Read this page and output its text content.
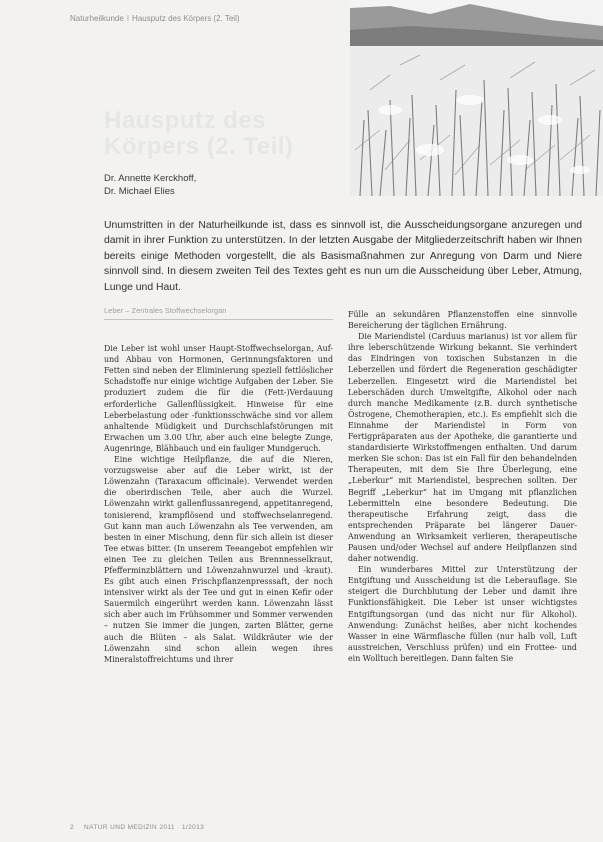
Naturheilkunde I Hausputz des Körpers (2. Teil)
Hausputz des
Körpers (2. Teil)
Dr. Annette Kerckhoff,
Dr. Michael Elies
Unumstritten in der Naturheilkunde ist, dass es sinnvoll ist, die Ausscheidungsorgane anzuregen und damit in ihrer Funktion zu unterstützen. In der letzten Ausgabe der Mitgliederzeitschrift haben wir Ihnen bereits einige Methoden vorgestellt, die als Basismaßnahmen zur Anregung von Darm und Niere sinnvoll sind. In diesem zweiten Teil des Textes geht es nun um die Ausscheidung über Leber, Atmung, Lunge und Haut.
Leber – Zentrales Stoffwechselorgan

Die Leber ist wohl unser Haupt-Stoffwechselorgan, Auf- und Abbau von Hormonen, Gerinnungsfaktoren und Fetten sind neben der Eliminierung speziell fettlöslicher Schadstoffe nur einige wichtige Aufgaben der Leber. Sie produziert zudem die für die (Fett-)Verdauung erforderliche Gallenflüssigkeit. Hinweise für eine Leberbelastung oder -funktionsschwäche sind vor allem anhaltende Müdigkeit und Durchschlafstörungen mit Erwachen um 3.00 Uhr, aber auch eine belegte Zunge, Augenringe, Blähbauch und ein fauliger Mundgeruch.

Eine wichtige Heilpflanze, die auf die Nieren, vorzugsweise aber auf die Leber wirkt, ist der Löwenzahn (Taraxacum officinale). Verwendet werden die oberirdischen Teile, aber auch die Wurzel. Löwenzahn wirkt gallenflussanregend, appetitanregend, tonisierend, krampflösend und stoffwechselanregend. Gut kann man auch Löwenzahn als Tee verwenden, am besten in einer Mischung, denn für sich allein ist dieser Tee etwas bitter. (In unserem Teeangebot empfehlen wir einen Tee zu gleichen Teilen aus Brennnesselkraut, Pfefferminzblättern und Löwenzahnwurzel und -kraut). Es gibt auch einen Frischpflanzenpresssaft, der noch intensiver wirkt als der Tee und gut in einen Kefir oder Sauermilch eingerührt werden kann. Löwenzahn lässt sich aber auch im Frühsommer und Sommer verwenden – nutzen Sie immer die jungen, zarten Blätter, gerne auch die Blüten – als Salat. Wildkräuter wie der Löwenzahn sind schon allein wegen ihres Mineralstoffreichtums und ihrer

Fülle an sekundären Pflanzenstoffen eine sinnvolle Bereicherung der täglichen Ernährung.

Die Mariendistel (Carduus marianus) ist vor allem für ihre leberschützende Wirkung bekannt. Sie verhindert das Eindringen von toxischen Substanzen in die Leberzellen und fördert die Regeneration geschädigter Leberzellen. Eingesetzt wird die Mariendistel bei Leberschäden durch Umweltgifte, Alkohol oder nach durch manche Medikamente (z.B. durch synthetische Östrogene, Chemotherapien, etc.). Es empfiehlt sich die Einnahme der Mariendistel in Form von Fertigpräparaten aus der Apotheke, die garantierte und standardisierte Wirkstoffmengen enthalten. Und darum merken Sie schon: Das ist ein Fall für den behandelnden Therapeuten, mit dem Sie Ihre Überlegung, eine „Leberkur“ mit Mariendistel, besprechen sollten. Der Begriff „Leberkur“ hat im Umgang mit pflanzlichen Lebermitteln eine besondere Bedeutung. Die therapeutische Erfahrung zeigt, dass die entsprechenden Präparate bei längerer Dauer-Anwendung an Wirksamkeit verlieren, therapeutische Pausen und/oder Wechsel auf andere Heilpflanzen sind daher notwendig.

Ein wunderbares Mittel zur Unterstützung der Entgiftung und Ausscheidung ist die Leberauflage. Sie steigert die Durchblutung der Leber und damit ihre Funktionsfähigkeit. Die Leber ist unser wichtigstes Entgiftungsorgan (und das nicht nur für Alkohol). Anwendung: Zunächst heißes, aber nicht kochendes Wasser in eine Wärmflasche füllen (nur halb voll, Luft ausstreichen, Verschluss prüfen) und ein Frottee- und ein Wolltuch bereitlegen. Dann falten Sie

2 NATUR UND MEDIZIN 2011 · 1/2013
